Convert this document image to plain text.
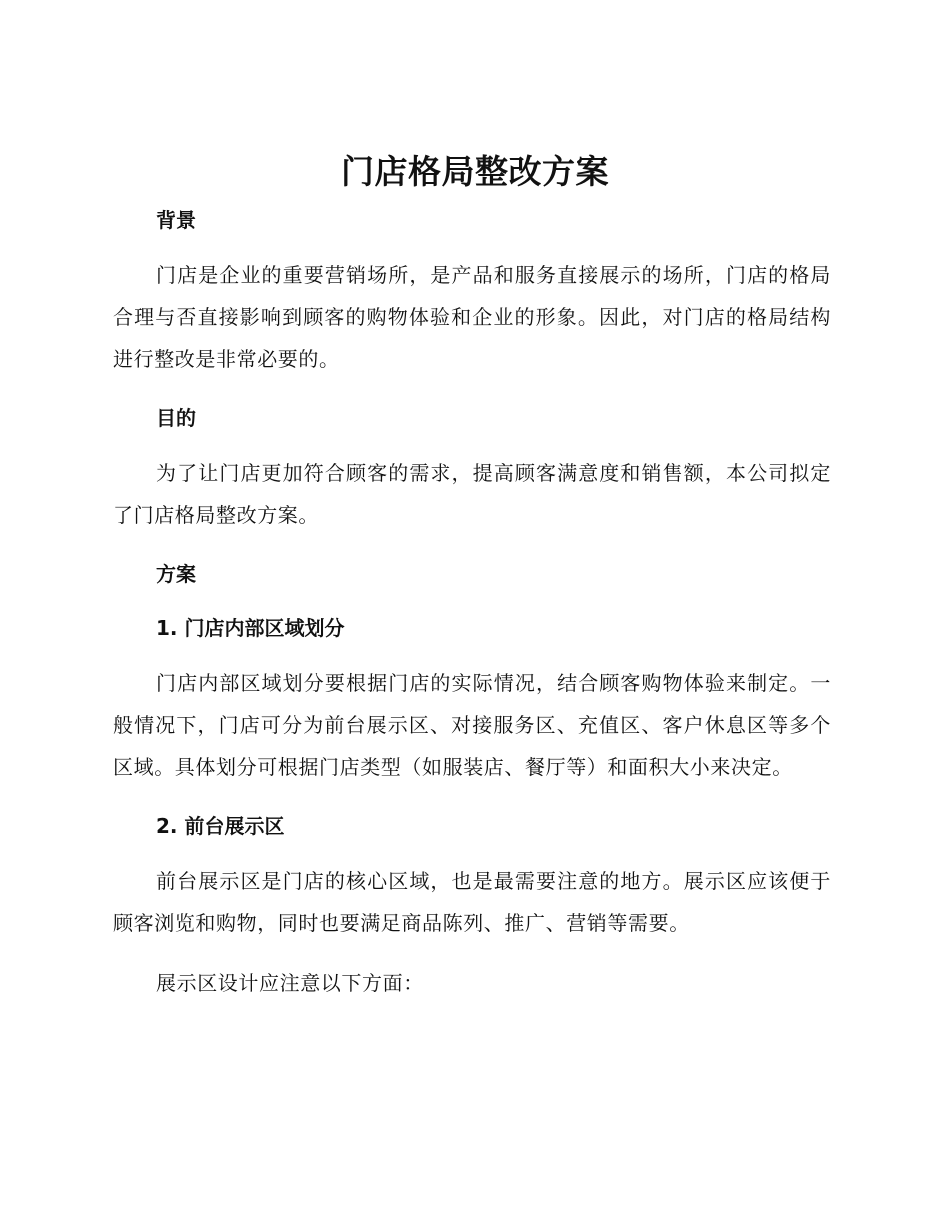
门店格局整改方案

背景

门店是企业的重要营销场所，是产品和服务直接展示的场所，门店的格局合理与否直接影响到顾客的购物体验和企业的形象。因此，对门店的格局结构进行整改是非常必要的。

目的

为了让门店更加符合顾客的需求，提高顾客满意度和销售额，本公司拟定了门店格局整改方案。

方案

1. 门店内部区域划分

门店内部区域划分要根据门店的实际情况，结合顾客购物体验来制定。一般情况下，门店可分为前台展示区、对接服务区、充值区、客户休息区等多个区域。具体划分可根据门店类型（如服装店、餐厅等）和面积大小来决定。

2. 前台展示区

前台展示区是门店的核心区域，也是最需要注意的地方。展示区应该便于顾客浏览和购物，同时也要满足商品陈列、推广、营销等需要。

展示区设计应注意以下方面：
